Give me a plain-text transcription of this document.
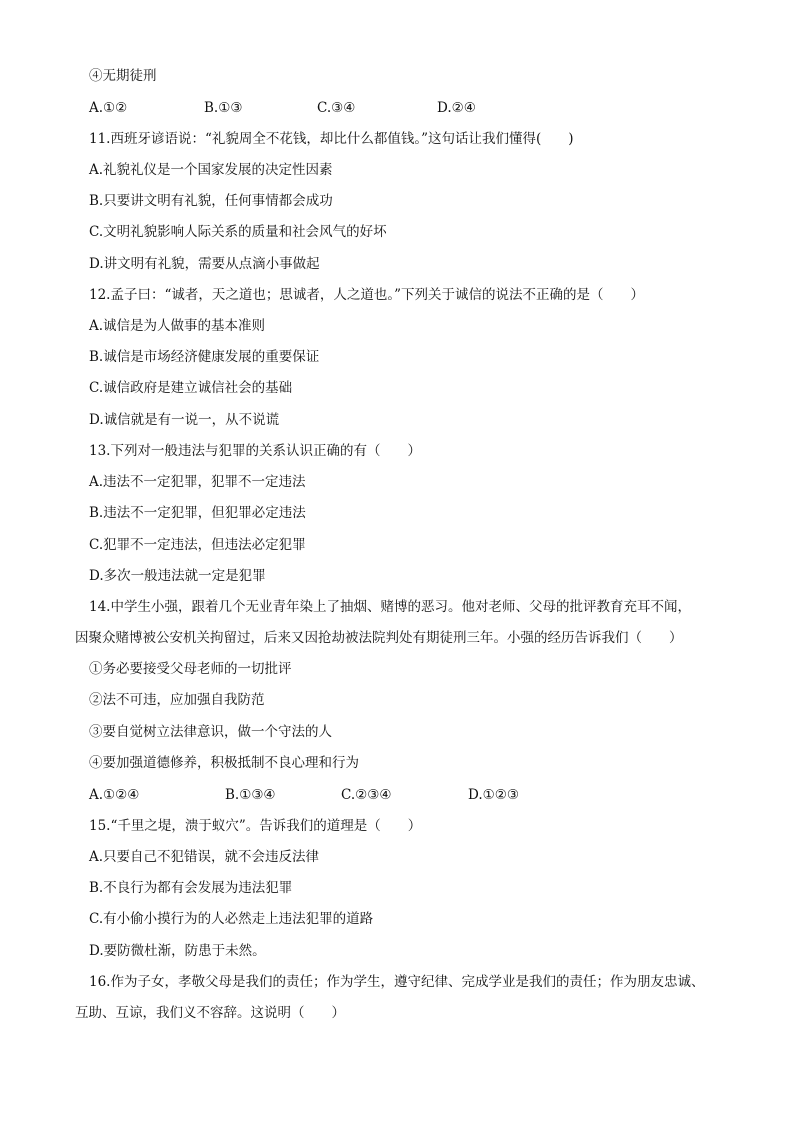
④无期徒刑
A.①②	B.①③	C.③④	D.②④
11.西班牙谚语说：“礼貌周全不花钱，却比什么都值钱。”这句话让我们懂得(　　)
A.礼貌礼仪是一个国家发展的决定性因素
B.只要讲文明有礼貌，任何事情都会成功
C.文明礼貌影响人际关系的质量和社会风气的好坏
D.讲文明有礼貌，需要从点滴小事做起
12.孟子曰：“诚者，天之道也；思诚者，人之道也。”下列关于诚信的说法不正确的是（　　）
A.诚信是为人做事的基本准则
B.诚信是市场经济健康发展的重要保证
C.诚信政府是建立诚信社会的基础
D.诚信就是有一说一，从不说谎
13.下列对一般违法与犯罪的关系认识正确的有（　　）
A.违法不一定犯罪，犯罪不一定违法
B.违法不一定犯罪，但犯罪必定违法
C.犯罪不一定违法，但违法必定犯罪
D.多次一般违法就一定是犯罪
14.中学生小强，跟着几个无业青年染上了抽烟、赌博的恶习。他对老师、父母的批评教育充耳不闻，
因聚众赌博被公安机关拘留过，后来又因抢劫被法院判处有期徒刑三年。小强的经历告诉我们（　　）
①务必要接受父母老师的一切批评
②法不可违，应加强自我防范
③要自觉树立法律意识，做一个守法的人
④要加强道德修养，积极抵制不良心理和行为
A.①②④	B.①③④	C.②③④	D.①②③
15.“千里之堤，溃于蚁穴”。告诉我们的道理是（　　）
A.只要自己不犯错误，就不会违反法律
B.不良行为都有会发展为违法犯罪
C.有小偷小摸行为的人必然走上违法犯罪的道路
D.要防微杜渐，防患于未然。
16.作为子女，孝敬父母是我们的责任；作为学生，遵守纪律、完成学业是我们的责任；作为朋友忠诚、
互助、互谅，我们义不容辞。这说明（　　）
